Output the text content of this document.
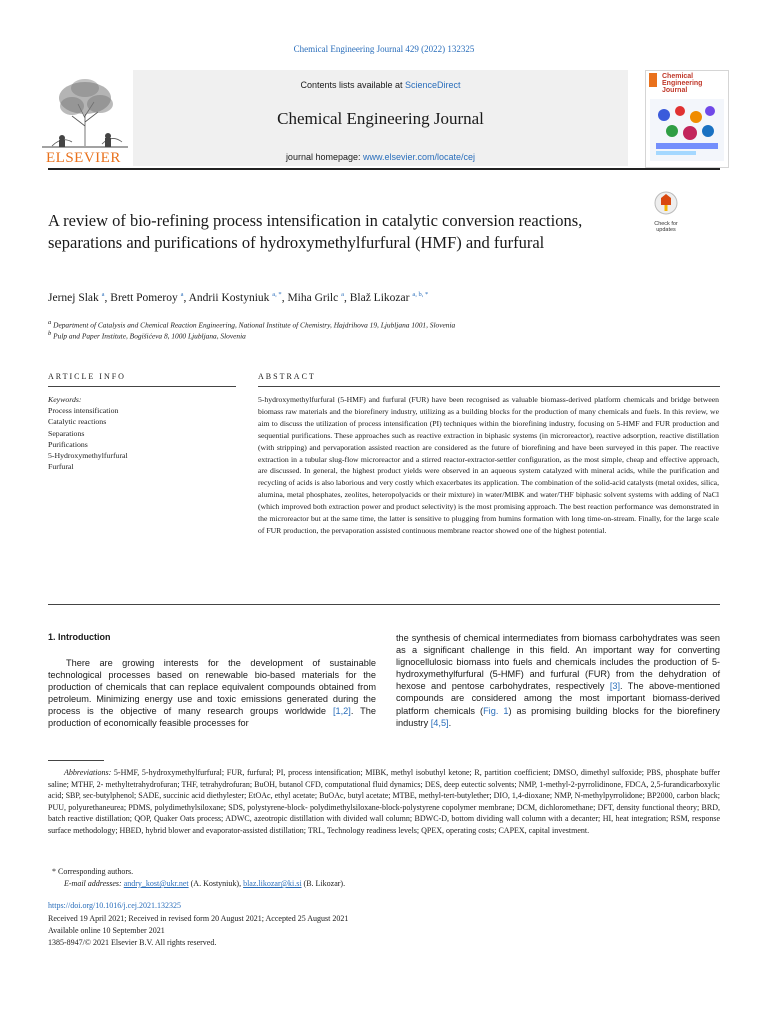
Chemical Engineering Journal 429 (2022) 132325
ELSEVIER
Contents lists available at ScienceDirect
Chemical Engineering Journal
journal homepage: www.elsevier.com/locate/cej
Chemical
Engineering
Journal
A review of bio-refining process intensification in catalytic conversion reactions, separations and purifications of hydroxymethylfurfural (HMF) and furfural
Check for
updates
Jernej Slak $^a$, Brett Pomeroy $^a$, Andrii Kostyniuk $^{a, *}$, Miha Grilc $^a$, Blaž Likozar $^{a, b, *}$
$^a$ Department of Catalysis and Chemical Reaction Engineering, National Institute of Chemistry, Hajdrihova 19, Ljubljana 1001, Slovenia
$^b$ Pulp and Paper Institute, Bogišićeva 8, 1000 Ljubljana, Slovenia
ARTICLE INFO	ABSTRACT
Keywords:
Process intensification
Catalytic reactions
Separations
Purifications
5-Hydroxymethylfurfural
Furfural
5-hydroxymethylfurfural (5-HMF) and furfural (FUR) have been recognised as valuable biomass-derived platform chemicals and bridge between biomass raw materials and the biorefinery industry, utilizing as a building blocks for the production of many chemicals and fuels. In this review, we aim to discuss the utilization of process intensification (PI) techniques within the biorefining industry, focusing on 5-HMF and FUR production and sequential purifications. These approaches such as reactive extraction in biphasic systems (in microreactor), reactive adsorption, reactive distillation (with stripping) and pervaporation assisted reaction are considered as the future of biorefining and have been surveyed in this paper. The reactive extraction in a tubular slug-flow microreactor and a stirred reactor-extractor-settler configuration, as the most simple, cheap and effective approach, are discussed. In general, the highest product yields were observed in an aqueous system catalyzed with mineral acids, while the purification and recycling of acids is also laborious and very costly which exacerbates its application. The combination of the solid-acid catalysts (metal oxides, silica, alumina, metal phosphates, zeolites, heteropolyacids or their mixture) in water/MIBK and water/THF biphasic solvent systems with adding of NaCl (which improved both extraction power and product selectivity) is the most promising approach. The best reaction performance was demonstrated in the microreactor but at the same time, the latter is sensitive to plugging from humins formation with long time-on-stream. Finally, for the large scale of FUR production, the pervaporation assisted continuous membrane reactor showed one of the highest potential.
1. Introduction

There are growing interests for the development of sustainable technological processes based on renewable bio-based materials for the production of chemicals that can replace equivalent compounds obtained from petroleum. Minimizing energy use and toxic emissions generated during the process is the objective of many research groups worldwide [1,2]. The production of economically feasible processes for

the synthesis of chemical intermediates from biomass carbohydrates was seen as a significant challenge in this field. An important way for converting lignocellulosic biomass into fuels and chemicals includes the production of 5-hydroxymethylfurfural (5-HMF) and furfural (FUR) from the dehydration of hexose and pentose carbohydrates, respectively [3]. The above-mentioned compounds are considered among the most important biomass-derived platform chemicals (Fig. 1) as promising building blocks for the biorefinery industry [4,5].

Abbreviations: 5-HMF, 5-hydroxymethylfurfural; FUR, furfural; PI, process intensification; MIBK, methyl isobuthyl ketone; R, partition coefficient; DMSO, dimethyl sulfoxide; PBS, phosphate buffer saline; MTHF, 2- methyltetrahydrofuran; THF, tetrahydrofuran; BuOH, butanol CFD, computational fluid dynamics; DES, deep eutectic solvents; NMP, 1-methyl-2-pyrrolidinone, FDCA, 2,5-furandicarboxylic acid; SBP, sec-butylphenol; SADE, succinic acid diethylester; EtOAc, ethyl acetate; BuOAc, butyl acetate; MTBE, methyl-tert-butylether; DIO, 1,4-dioxane; NMP, N-methylpyrrolidone; BP2000, carbon black; PUU, polyurethaneurea; PDMS, polydimethylsiloxane; SDS, polystyrene-block- polydimethylsiloxane-block-polystyrene copolymer membrane; DCM, dichloromethane; DFT, density functional theory; BRD, batch reactive distillation; QOP, Quaker Oats process; ADWC, azeotropic distillation with divided wall column; BDWC-D, bottom dividing wall column with a decanter; HI, heat integration; RSM, response surface methodology; HBED, hybrid blower and evaporator-assisted distillation; TRL, Technology readiness levels; QPEX, operating costs; CAPEX, capital investment.
* Corresponding authors.
E-mail addresses: andry_kost@ukr.net (A. Kostyniuk), blaz.likozar@ki.si (B. Likozar).
https://doi.org/10.1016/j.cej.2021.132325
Received 19 April 2021; Received in revised form 20 August 2021; Accepted 25 August 2021
Available online 10 September 2021
1385-8947/© 2021 Elsevier B.V. All rights reserved.
